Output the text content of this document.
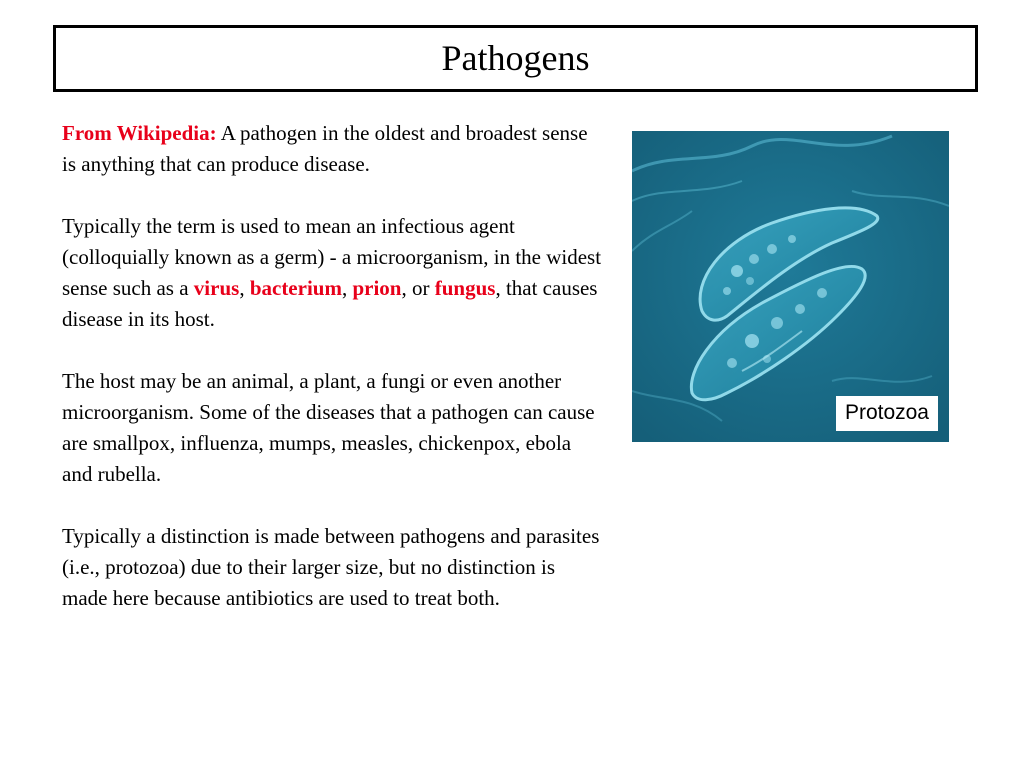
Pathogens

From Wikipedia: A pathogen in the oldest and broadest sense is anything that can produce disease.

Typically the term is used to mean an infectious agent (colloquially known as a germ) - a microorganism, in the widest sense such as a virus, bacterium, prion, or fungus, that causes disease in its host.

The host may be an animal, a plant, a fungi or even another microorganism. Some of the diseases that a pathogen can cause are smallpox, influenza, mumps, measles, chickenpox, ebola and rubella.

Typically a distinction is made between pathogens and parasites (i.e., protozoa) due to their larger size, but no distinction is made here because antibiotics are used to treat both.

Protozoa
